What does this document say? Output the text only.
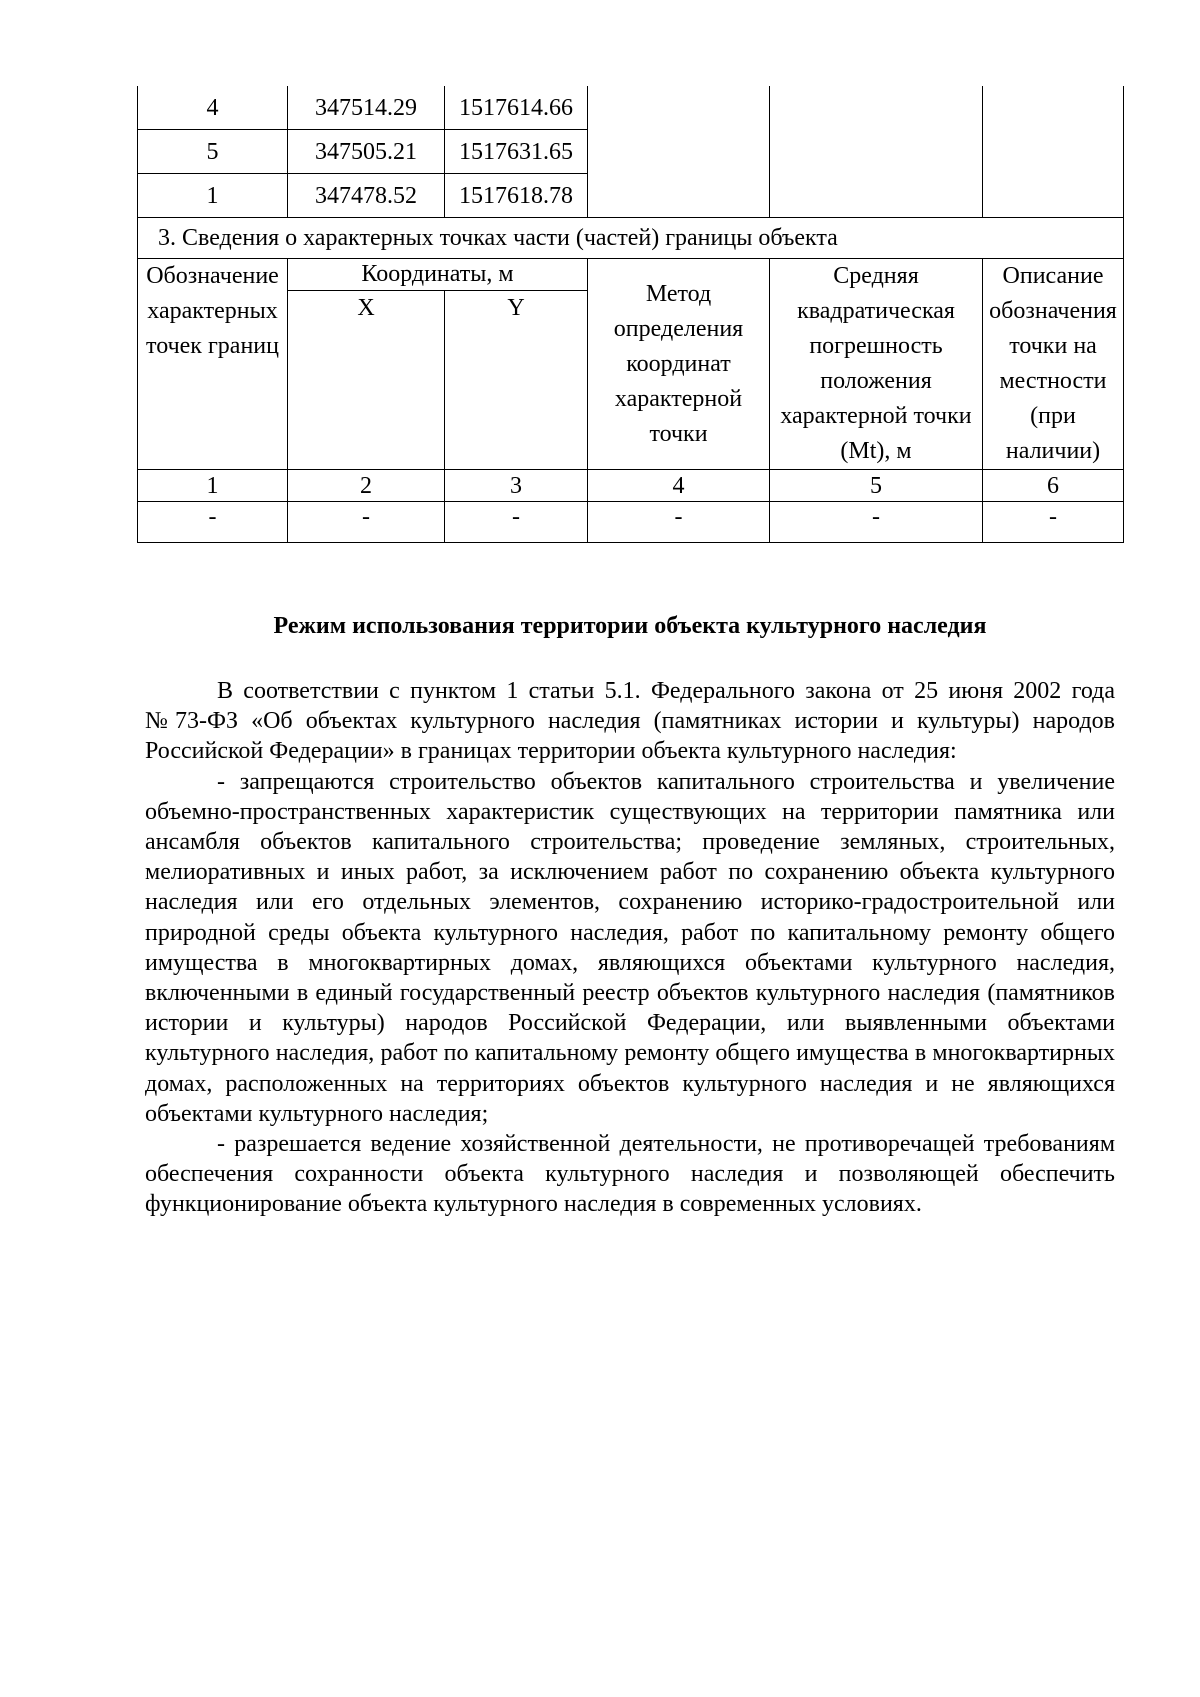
4	347514.29	1517614.66			
5	347505.21	1517631.65			
1	347478.52	1517618.78			
3. Сведения о характерных точках части (частей) границы объекта					
Обозначение характерных точек границ	Координаты, м		Метод определения координат характерной точки	Средняя квадратическая погрешность положения характерной точки (Mt), м	Описание обозначения точки на местности (при наличии)
	X	Y			
1	2	3	4	5	6
-	-	-	-	-	-
Режим использования территории объекта культурного наследия

В соответствии с пунктом 1 статьи 5.1. Федерального закона от 25 июня 2002 года №73-ФЗ «Об объектах культурного наследия (памятниках истории и культуры) народов Российской Федерации» в границах территории объекта культурного наследия:

- запрещаются строительство объектов капитального строительства и увеличение объемно-пространственных характеристик существующих на территории памятника или ансамбля объектов капитального строительства; проведение земляных, строительных, мелиоративных и иных работ, за исключением работ по сохранению объекта культурного наследия или его отдельных элементов, сохранению историко-градостроительной или природной среды объекта культурного наследия, работ по капитальному ремонту общего имущества в многоквартирных домах, являющихся объектами культурного наследия, включенными в единый государственный реестр объектов культурного наследия (памятников истории и культуры) народов Российской Федерации, или выявленными объектами культурного наследия, работ по капитальному ремонту общего имущества в многоквартирных домах, расположенных на территориях объектов культурного наследия и не являющихся объектами культурного наследия;

- разрешается ведение хозяйственной деятельности, не противоречащей требованиям обеспечения сохранности объекта культурного наследия и позволяющей обеспечить функционирование объекта культурного наследия в современных условиях.
